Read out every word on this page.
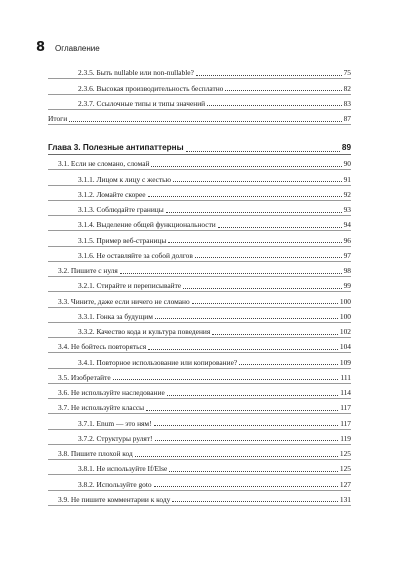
8 Оглавление
2.3.5. Быть nullable или non-nullable?	75
2.3.6. Высокая производительность бесплатно	82
2.3.7. Ссылочные типы и типы значений	83
Итоги	87
Глава 3. Полезные антипаттерны	89
3.1. Если не сломано, сломай	90
3.1.1. Лицом к лицу с жестью	91
3.1.2. Ломайте скорее	92
3.1.3. Соблюдайте границы	93
3.1.4. Выделение общей функциональности	94
3.1.5. Пример веб-страницы	96
3.1.6. Не оставляйте за собой долгов	97
3.2. Пишите с нуля	98
3.2.1. Стирайте и переписывайте	99
3.3. Чините, даже если ничего не сломано	100
3.3.1. Гонка за будущим	100
3.3.2. Качество кода и культура поведения	102
3.4. Не бойтесь повторяться	104
3.4.1. Повторное использование или копирование?	109
3.5. Изобретайте	111
3.6. Не используйте наследование	114
3.7. Не используйте классы	117
3.7.1. Enum — это ням!	117
3.7.2. Структуры рулят!	119
3.8. Пишите плохой код	125
3.8.1. Не используйте If/Else	125
3.8.2. Используйте goto	127
3.9. Не пишите комментарии к коду	131
